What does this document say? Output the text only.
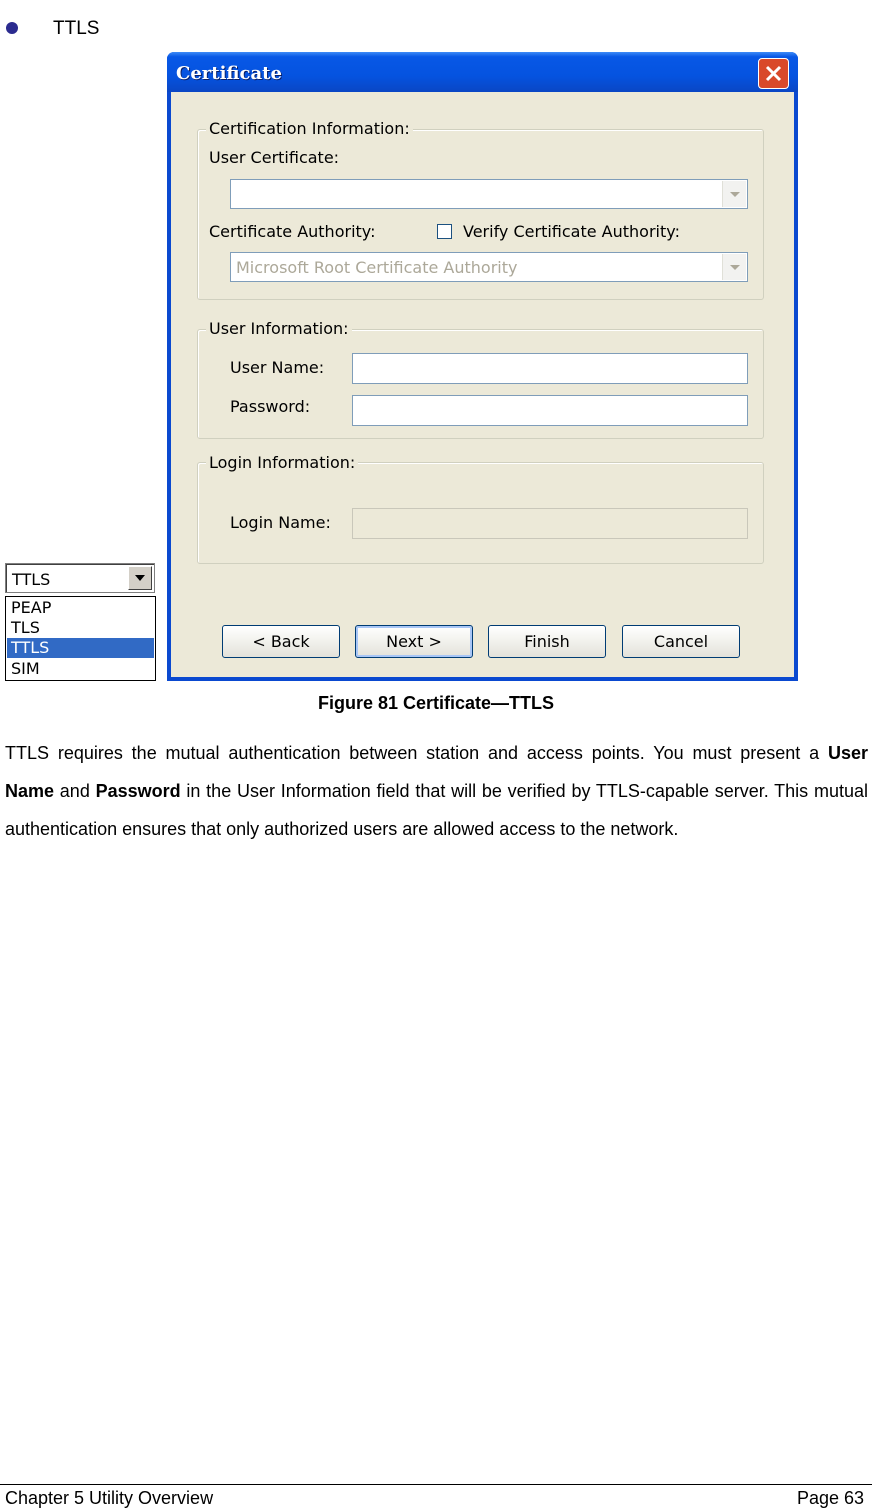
TTLS
TTLS
PEAP
TLS
TTLS
SIM
Certificate
Certification Information:
User Certificate:
Certificate Authority:	Verify Certificate Authority:
Microsoft Root Certificate Authority
User Information:
User Name:
Password:
Login Information:
Login Name:
< Back	Next >	Finish	Cancel
Figure 81 Certificate―TTLS
TTLS requires the mutual authentication between station and access points. You must present a User Name and Password in the User Information field that will be verified by TTLS-capable server. This mutual authentication ensures that only authorized users are allowed access to the network.
Chapter 5 Utility Overview	Page 63
